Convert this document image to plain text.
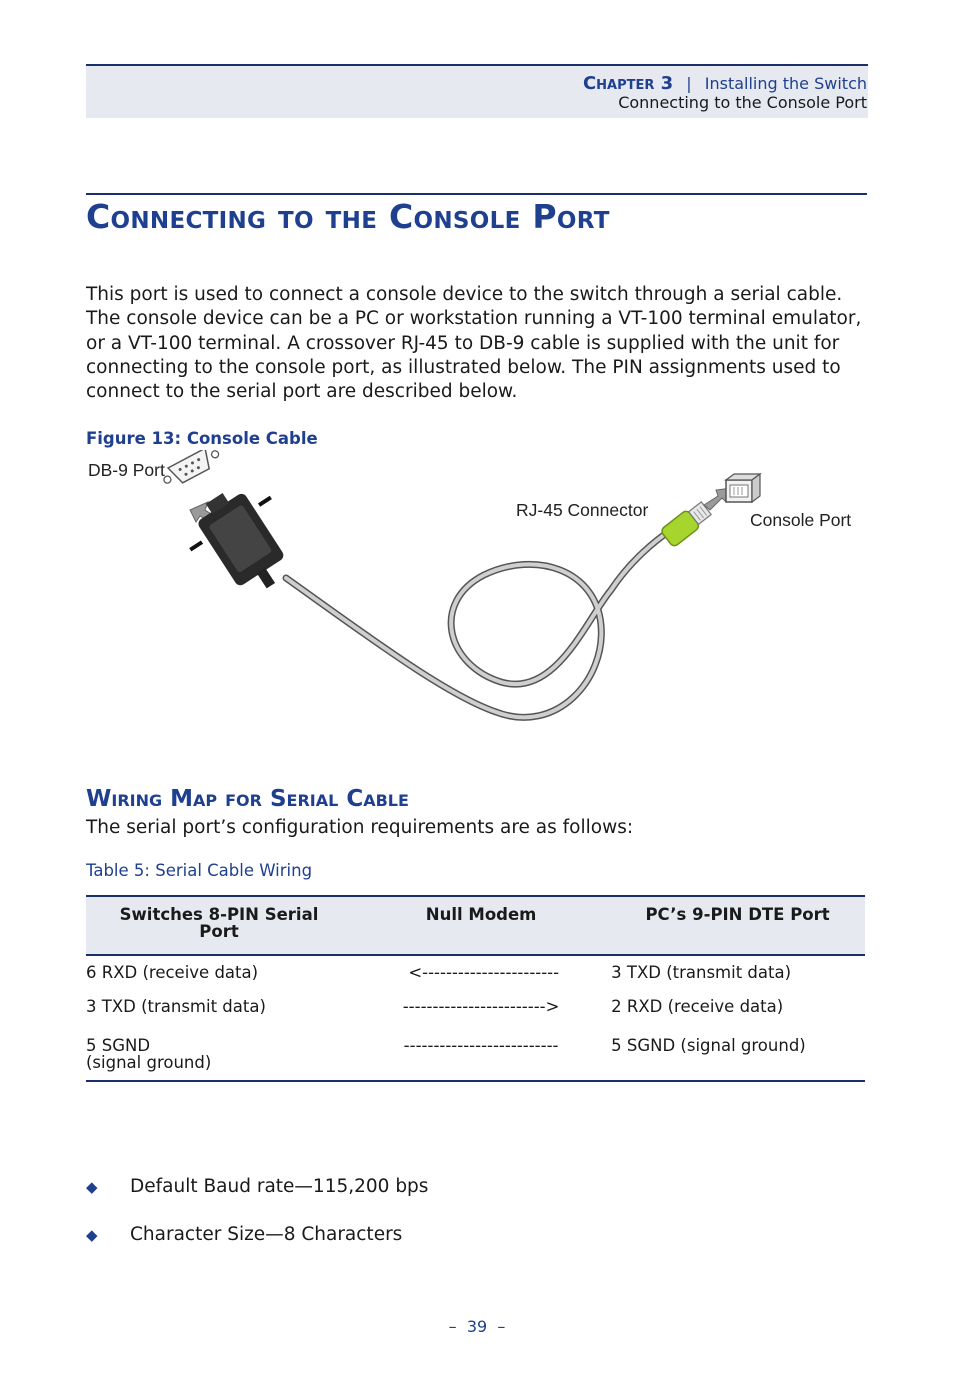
Chapter 3 | Installing the Switch
Connecting to the Console Port
Connecting to the Console Port

This port is used to connect a console device to the switch through a serial cable. The console device can be a PC or workstation running a VT-100 terminal emulator, or a VT-100 terminal. A crossover RJ-45 to DB-9 cable is supplied with the unit for connecting to the console port, as illustrated below. The PIN assignments used to connect to the serial port are described below.

Figure 13: Console Cable
DB-9 Port
RJ-45 Connector	Console Port
Wiring Map for Serial Cable
The serial port’s configuration requirements are as follows:
Table 5: Serial Cable Wiring
Switches 8-PIN Serial
Port	Null Modem	PC’s 9-PIN DTE Port
6 RXD (receive data)	<-----------------------	3 TXD (transmit data)
3 TXD (transmit data)	------------------------>	2 RXD (receive data)

5 SGND
(signal ground)	--------------------------	5 SGND (signal ground)
◆ Default Baud rate—115,200 bps
◆ Character Size—8 Characters
–  39  –
